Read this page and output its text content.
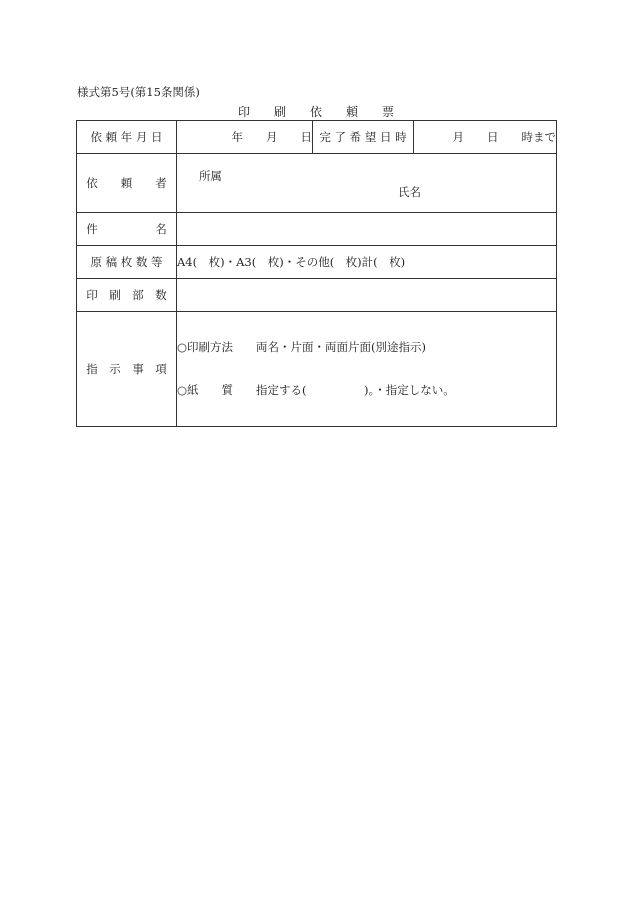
様式第5号(第15条関係)
印　　刷　　依　　頼　　票
依 頼 年 月 日	年　　月　　日	完 了 希 望 日 時	月　　日　　時まで
依　　頼　　者	所属

氏名		

件　　　　　名			
原 稿 枚 数 等	A4(　枚)・A3(　枚)・その他(　枚)計(　枚)		
印　刷　部　数			
指　示　事　項	○印刷方法　　両名・片面・両面片面(別途指示)

○紙　　質　　指定する(　　　　　)。・指定しない。		
